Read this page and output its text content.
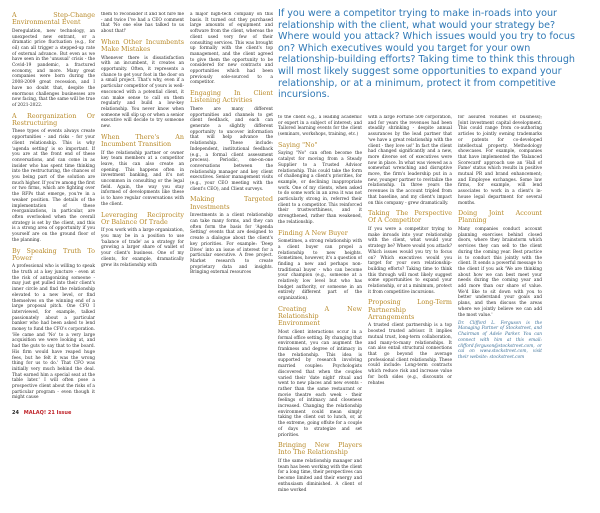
A Step-Change Environmental Event

Deregulation, new technology, an unexpected new entrant, or a dramatic price fluctuation (e.g., for oil) can all trigger a stepped-up rate of external advance. But even as we have seen in the 'unusual' crisis - the Covid-19 pandemic, a fractured economy, and more. Many great companies were born during the 2008-2009 great recession, and I have no doubt that, despite the enormous challenges businesses are now facing, that the same will be true of 2021-2022.

A Reorganization Or Restructuring

These types of events always create opportunities - and risks - for your client relationship. This is why 'agenda setting' is so important. If you are at the front end of these conversations, and can come in as insider who has spent time thinking into the restructuring, the chances of you being part of the solution are much higher. If you're among the first or two firms, which are fighting over the RFPs that emerge, you're in a weaker position. The details of the implementation of these reorganizations, in particular, are often overlooked when the overall strategy is set by the client, and this is a strong area of opportunity if you yourself are on the ground floor of the planning.

By Speaking Truth To Power

A professional who is willing to speak the truth at a key juncture - even at the risk of antagonizing someone - may just get pulled into their client's inner circle and find the relationship elevated to a new level, or find themselves on the winning end of a large proposal pitch. One CFO I interviewed, for example, talked passionately about a particular banker who had been asked to lend money to fund the CFO's corporation. 'He came and 'No' to a very large acquisition we were looking at, and had the guts to say that to the board. His firm would have reaped huge fees, but he felt it was the wrong thing for us to do.' That CFO was initially very much behind the deal. That earned him a special seat at the table later.' I will often pose a prospective client about the risks of a particular program - even though it might cause

them to reconsider it and not hire me - and twice I've had a CEO comment that 'No one else has talked to us about that!'

When Other Incumbents Make Mistakes

Whenever there is dissatisfaction with an incumbent, it creates an opportunity. Often, it represents a chance to get your foot in the door on a small project. That's why, even if a particular competitor of yours is well-ensconced with a potential client, it can make sense to call on them regularly and build a low-key relationship. You never know when someone will slip up or when a senior executive will decide to try someone new.

When There's An Incumbent Transition

If the relationship partner or owner key team members at a competitor leave, this can also create an opening. This happens often in investment banking, and it's not uncommon in consulting or the legal field. Again, the way you stay informed of developments like these is to have regular conversations with the client.

Leveraging Reciprocity Or Balance Of Trade

If you work with a large organization, you may be in a position to use 'balance of trade' as a strategy for growing a larger share of wallet of your client's business. One of my clients, for example, dramatically grew its relationship with

a major high-tech company on this basis. It turned out they purchased large amounts of equipment and software from the client, whereas the client used very few of their consulting services. This was brought up formally with the client's top management, and the client agreed to give them the opportunity to be considered for new contracts and opportunities which had been previously sole-sourced to a competitor.

Engaging In Client Listening Activities

There are many different opportunities and channels to get client feedback, and each can generate a slightly different opportunity to uncover information that will help advance the relationship. These include: Independent, institutional feedback (e.g., a formal client assessment process). Periodic, one-on-one conversations between the relationship manager and key client executives. Senior management visits (e.g., your CEO meeting with the client's CEO), and Client surveys.

Making Targeted Investments

Investments in a client relationship can take many forms, and they can often form the basis for 'Agenda Setting' events that are designed to create a dialogue about the client's key priorities. For example: 'Deep Dives' into an issue of interest for a particular executive. A free project. Market research to create proprietary data and insights. Bringing external resources

If you were a competitor trying to make in-roads into your relationship with the client, what would your strategy be? Where would you attack? Which issues would you try to focus on? Which executives would you target for your own relationship-building efforts? Taking time to think this through will most likely suggest some opportunities to expand your relationship, or at a minimum, protect it from competitive incursions.

to the client e.g., a leading academic or expert in a subject of interest; and Tailored learning events for the client (seminars, workshops, training, etc.)

Saying "No"

Saying "No" can often become the catalyst for moving from a Steady Supplier to a Trusted Advisor relationship. This could take the form of challenging a client's priorities, for example, or declining inappropriate work. One of my clients, when asked to do some work in an area it was not particularly strong in, referred their client to a competitor. This reinforced their trustworthiness, and it strengthened, rather than weakened, the relationship.

Finding A New Buyer

Sometimes, a strong relationship with a client buyer can propel a relationship to new heights. Sometimes, however, it's a question of finding a new and perhaps non-traditional buyer - who can become your champion (e.g., someone at a relatively low level but who has budget authority, or someone in an entirely different part of the organization).

Creating A New Relationship Environment

Most client interactions occur in a formal office setting. By changing that environment, you can augment the frankness and degree of intimacy in the relationship. This idea is supported by research involving married couples: Psychologists discovered that when the couples varied their 'date night' ritual and went to new places and new events - rather than the same restaurant or movie theatre each week - their feelings of intimacy and closeness increased. Changing the relationship environment could mean simply taking the client out to lunch, or, at the extreme, going offsite for a couple of days to strategize and set priorities.

Bringing New Players Into The Relationship

If the same relationship manager and team has been working with the client for a long time, their perspectives can become limited and their energy and enthusiasm diminished. A client of mine worked

with a large Fortune 500 corporation, and for years the revenues had been steadily shrinking - despite annual assurances by the lead partner that 'we have a great relationship with the client - they love us!' In fact the client had changed significantly and a new, more diverse set of executives were now in place. In what was viewed as a somewhat wrenching and disruptive move, the firm's leadership put in a new, younger partner to revitalize the relationship. In three years the revenues in the account tripled from that baseline, and my client's impact on this company - grew dramatically.

Taking The Perspective Of A Competitor

If you were a competitor trying to make inroads into your relationship with the client, what would your strategy be? Where would you attack? Which issues would you try to focus on? Which executives would you target for your own relationship-building efforts? Taking time to think this through will most likely suggest some opportunities to expand your relationship, or at a minimum, protect it from competitive incursions.

Proposing Long-Term Partnership Arrangements

A trusted client partnership is a top boosted trusted advisor. It implies mutual trust, long-term collaboration, and many-to-many relationships. It can also entail structural connections that go beyond the average professional client relationship. These could include: Long-term contracts which reduce risk and increase value for both sides (e.g., discounts or rebates

for assured volumes of business); Joint investment capital development. This could range from co-authoring articles to jointly owning trademarks or patents for co-developed intellectual property. Methodology showcases. For example, companies that have implemented the 'Balanced Scorecard' approach use an 'Hall of Fame' status which results in positive mutual PR and brand enhancement; and Employee exchanges. Some law firms, for example, will lend associates to work in a client's in-house legal department for several months.

Doing Joint Account Planning

Many companies conduct account planning exercises behind closed doors, where they brainstorm which services they can sell to the client during the coming year. Best practice is to conduct this jointly with the client. It sends a powerful message to the client if you ask 'We are thinking about how we can best meet your needs during the coming year and add more than our share of value. We'd like to sit down with you to better understand your goals and plans, and then discuss the areas where we jointly believe we can add the most value.'

Dr. Clifford L. Ferguson is the Managing Partner of Stockstreet, and Chairman of Adele Parker. You can connect with him at this email: clifford.ferguson@stockstreet.com, or cal on www.stockstreet.com, visit their website: stockstreet.com

24 MALAQ! 21 Issue
